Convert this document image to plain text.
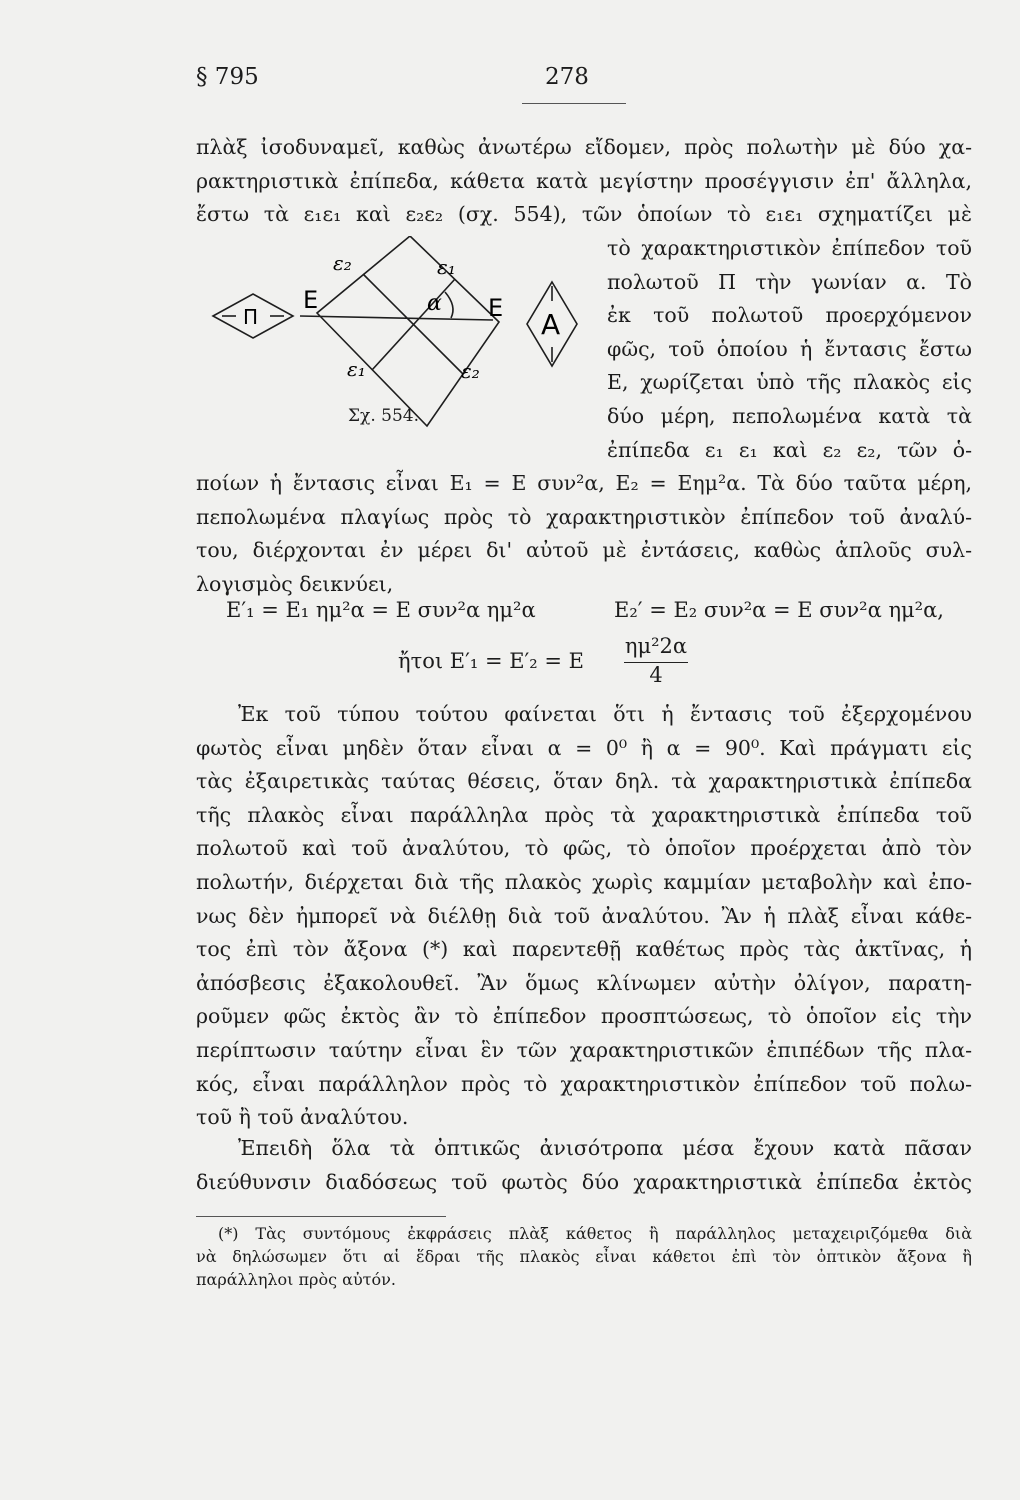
§ 795	278
πλὰξ ἰσοδυναμεῖ, καθὼς ἀνωτέρω εἴδομεν, πρὸς πολωτὴν μὲ δύο χα-
ρακτηριστικὰ ἐπίπεδα, κάθετα κατὰ μεγίστην προσέγγισιν ἐπ' ἄλληλα,
ἔστω τὰ ε₁ε₁ καὶ ε₂ε₂ (σχ. 554), τῶν ὁποίων τὸ ε₁ε₁ σχηματίζει μὲ
E	E
ε₂	ε₁
ε₁	ε₂
α
Π	Α
Σχ. 554.
τὸ χαρακτηριστικὸν ἐπίπεδον τοῦ
πολωτοῦ Π τὴν γωνίαν α. Τὸ
ἐκ τοῦ πολωτοῦ προερχόμενον
φῶς, τοῦ ὁποίου ἡ ἔντασις ἔστω
Ε, χωρίζεται ὑπὸ τῆς πλακὸς εἰς
δύο μέρη, πεπολωμένα κατὰ τὰ
ἐπίπεδα ε₁ ε₁ καὶ ε₂ ε₂, τῶν ὁ-
ποίων ἡ ἔντασις εἶναι Ε₁ = Ε συν²α, Ε₂ = Εημ²α. Τὰ δύο ταῦτα μέρη,
πεπολωμένα πλαγίως πρὸς τὸ χαρακτηριστικὸν ἐπίπεδον τοῦ ἀναλύ-
του, διέρχονται ἐν μέρει δι' αὐτοῦ μὲ ἐντάσεις, καθὼς ἁπλοῦς συλ-
λογισμὸς δεικνύει,
E′₁ = E₁ ημ²α = E συν²α ημ²α	E₂′ = E₂ συν²α = E συν²α ημ²α,
ἤτοι E′₁ = E′₂ = E
ημ²2α
4
Ἐκ τοῦ τύπου τούτου φαίνεται ὅτι ἡ ἔντασις τοῦ ἐξερχομένου
φωτὸς εἶναι μηδὲν ὅταν εἶναι α = 0⁰ ἢ α = 90⁰. Καὶ πράγματι εἰς
τὰς ἐξαιρετικὰς ταύτας θέσεις, ὅταν δηλ. τὰ χαρακτηριστικὰ ἐπίπεδα
τῆς πλακὸς εἶναι παράλληλα πρὸς τὰ χαρακτηριστικὰ ἐπίπεδα τοῦ
πολωτοῦ καὶ τοῦ ἀναλύτου, τὸ φῶς, τὸ ὁποῖον προέρχεται ἀπὸ τὸν
πολωτήν, διέρχεται διὰ τῆς πλακὸς χωρὶς καμμίαν μεταβολὴν καὶ ἐπο-
νως δὲν ἠμπορεῖ νὰ διέλθῃ διὰ τοῦ ἀναλύτου. Ἂν ἡ πλὰξ εἶναι κάθε-
τος ἐπὶ τὸν ἄξονα (*) καὶ παρεντεθῇ καθέτως πρὸς τὰς ἀκτῖνας, ἡ
ἀπόσβεσις ἐξακολουθεῖ. Ἂν ὅμως κλίνωμεν αὐτὴν ὀλίγον, παρατη-
ροῦμεν φῶς ἐκτὸς ἂν τὸ ἐπίπεδον προσπτώσεως, τὸ ὁποῖον εἰς τὴν
περίπτωσιν ταύτην εἶναι ἓν τῶν χαρακτηριστικῶν ἐπιπέδων τῆς πλα-
κός, εἶναι παράλληλον πρὸς τὸ χαρακτηριστικὸν ἐπίπεδον τοῦ πολω-
τοῦ ἢ τοῦ ἀναλύτου.
Ἐπειδὴ ὅλα τὰ ὀπτικῶς ἀνισότροπα μέσα ἔχουν κατὰ πᾶσαν
διεύθυνσιν διαδόσεως τοῦ φωτὸς δύο χαρακτηριστικὰ ἐπίπεδα ἐκτὸς
(*) Τὰς συντόμους ἐκφράσεις πλὰξ κάθετος ἢ παράλληλος μεταχειριζόμεθα διὰ
νὰ δηλώσωμεν ὅτι αἱ ἕδραι τῆς πλακὸς εἶναι κάθετοι ἐπὶ τὸν ὀπτικὸν ἄξονα ἢ
παράλληλοι πρὸς αὐτόν.
